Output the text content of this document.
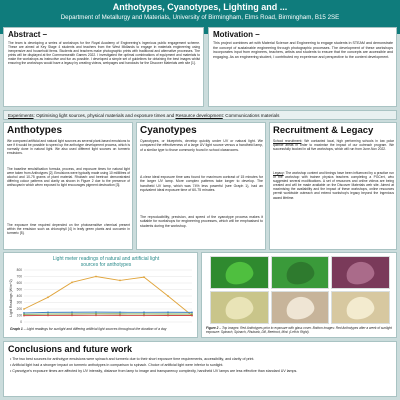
Anthotypes, Cyanotypes, Lighting and ...
Department of Metallurgy and Materials, University of Birmingham, Elms Road, Birmingham, B15 2SE
Abstract –
The team is developing a series of workshops for the Royal Academy of Engineering's Ingenious public engagement scheme. These are aimed at Key Stage 4 students and teachers from the West Midlands to engage in materials engineering using inexpensive and household items. Students and teachers make photographic prints with traditional and alternative processes. The prints will be displayed at the Commonwealth Games 2022. I investigated the optimal combinations of equipment and materials to make the workshops as instructive and fun as possible. I developed a simple set of guidelines for obtaining the best images whilst ensuring the workshops would have a legacy by creating videos, webpages and handouts for the Discover Materials web site [1].
Motivation –
This project combines art with Material Science and Engineering to engage students in STEAM and demonstrate the concept of sustainable engineering through photographic processes. The development of these workshops incorporates input from engineers, teachers, artists and students to ensure that the concepts are accessible and engaging. As an engineering student, I contributed my experience and perspective to the content development.
Experiments: Optimising light sources, physical materials and exposure times and Resource development: Communications materials
Anthotypes
We compared artificial and natural light sources as several plant-based emulsions to see if it would be possible to speed up the anthotype development process, which is normally done in natural light. We also used different light sources on turmeric emulsions.
The baseline emulsification formula, process, and exposure times for natural light were taken from Anthotypes [2]. Emulsions were typically made using 10 millilitres of alcohol and 10-75 grams of plant material. Rhubarb and beetroot demonstrated differing colour patterns and clarity as shown in Figure 2 due to the presence of anthocyanin which when exposed to light encourages pigment destruction [3].
The exposure time required depended on the photosensitive chemical present within the emulsion such as chlorophyll [4] in leafy green plants and curcumin in turmeric [5].
Cyanotypes
Cyanotypes, or blueprints, develop quickly under UV or natural light. We compared the effectiveness of a large UV light source versus a handheld lamp, of a similar type to those commonly found in school classrooms.
A clear ideal exposure time was found for maximum contrast of 15 minutes for the larger UV lamp. More complex patterns take longer to develop. The handheld UV lamp, which was 74% less powerful (see Graph 1), had an equivalent ideal exposure time of 60-75 minutes.
The reproducibility, precision, and speed of the cyanotype process makes it suitable for workshops for engineering processes, which will be emphasised to students during the workshop.
Recruitment & Legacy
School recruitment: We contacted local, high performing schools in low polar quintile areas in order to maximise the impact of our outreach program. We successfully booked in all five workshops, which will run from June-Nov 2022.
Legacy: The workshop content and timings have been influenced by a practice run of the workshop with trainee physics teachers completing a PGCert, who suggested several modifications. A set of resources and online videos are being created and will be made available on the Discover Materials web site. Aimed at maximising the availability and the impact of these workshops, online resources permit worldwide outreach and extend workshop's legacy beyond the Ingenious award lifetime.
Light meter readings of natural and artificial light
sources for anthotypes
Light Readings (W/m^2)
0
100
200
300
400
500
600
700
800
Graph 1 – Light readings for sunlight and differing artificial light sources throughout the duration of a day	Figure 2 – Top images: Red Anthotypes prior to exposure with glass cover. Bottom images: Red Anthotypes after a week of sunlight exposure: Spinach, Spinach, Rhubarb, Dill, Beetroot, Mint. (Left to Right).
Conclusions and future work
• The two best sources for anthotype emulsions were spinach and turmeric due to their short exposure time requirements, accessibility, and clarity of print.
• Artificial light had a stronger impact on turmeric anthotypes in comparison to spinach. Choice of artificial light were inferior to sunlight.
• Cyanotype's exposure times are affected by UV intensity, distance from lamp to image and transparency complexity, handheld UV lamps are less effective than standard UV lamps.
